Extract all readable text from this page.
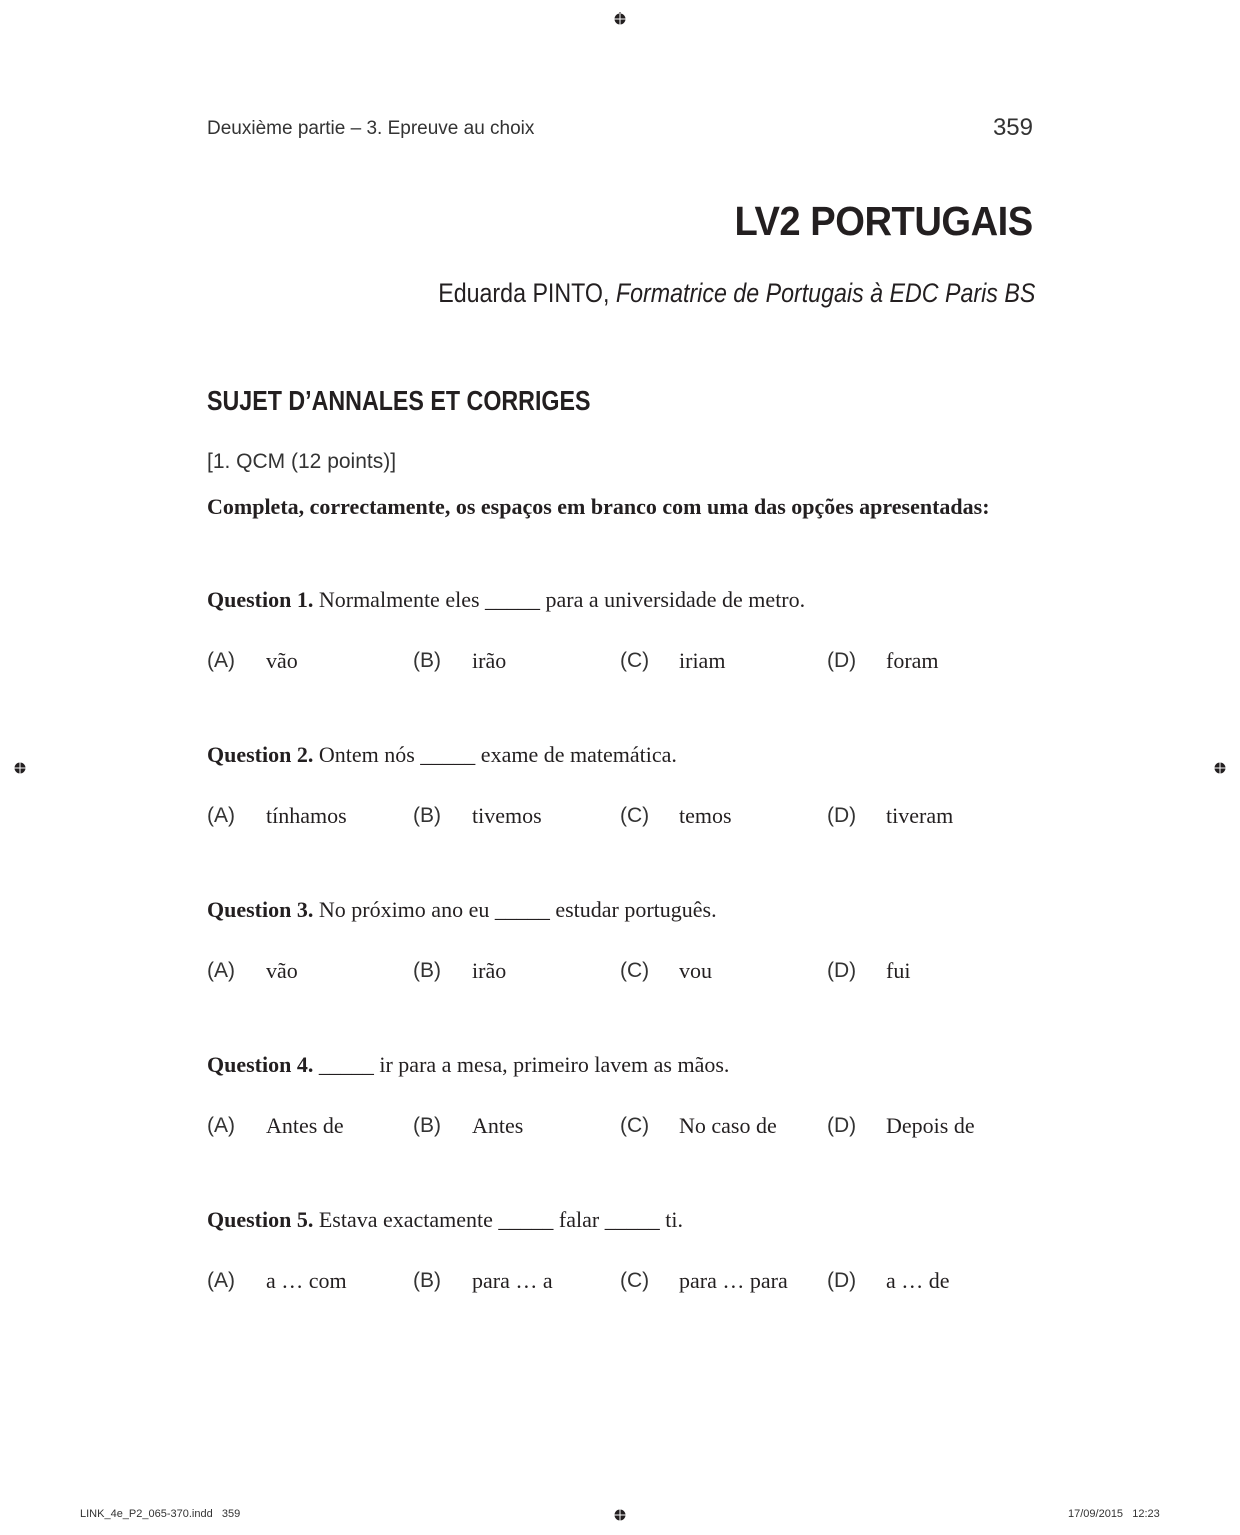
Deuxième partie – 3. Epreuve au choix	359
LV2 PORTUGAIS
Eduarda PINTO, Formatrice de Portugais à EDC Paris BS
SUJET D’ANNALES ET CORRIGES
[1. QCM (12 points)]
Completa, correctamente, os espaços em branco com uma das opções apresentadas:
Question 1. Normalmente eles _____ para a universidade de metro.
(A) vão	(B) irão	(C) iriam	(D) foram
Question 2. Ontem nós _____ exame de matemática.
(A) tínhamos	(B) tivemos	(C) temos	(D) tiveram
Question 3. No próximo ano eu _____ estudar português.
(A) vão	(B) irão	(C) vou	(D) fui
Question 4. _____ ir para a mesa, primeiro lavem as mãos.
(A) Antes de	(B) Antes	(C) No caso de (D) Depois de
Question 5. Estava exactamente _____ falar _____ ti.
(A) a … com	(B) para … a	(C) para … para (D) a … de
LINK_4e_P2_065-370.indd   359	17/09/2015   12:23
